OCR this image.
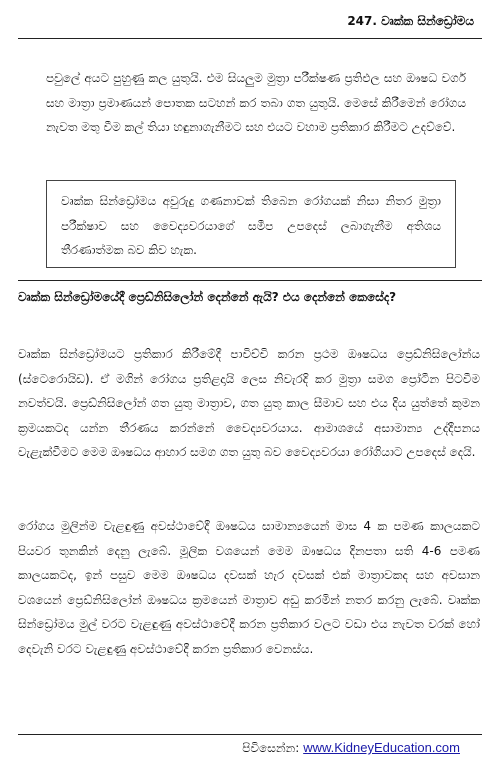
247. වෘක්ක සින්ඩ්‍රෝමය

පවුලේ අයට පුහුණු කල යුතුයි. එම සියලුම මුත්‍රා පරීක්ෂණ ප්‍රතිඵල සහ ඖෂධ වර්ග සහ මාත්‍රා ප්‍රමාණයන් පොතක සටහන් කර තබා ගත යුතුයි. මෙසේ කිරීමෙන් රෝගය නැවත මතු වීම කල් තියා හඳුනාගැනීමට සහ එයට වහාම ප්‍රතිකාර කිරීමට උදව්වේ.

වෘක්ක සින්ඩ්‍රෝමය අවුරුදු ගණනාවක් තිබෙන රෝගයක් නිසා නිතර මුත්‍රා පරීක්ෂාව සහ වෛද්‍යවරයාගේ සමීප උපදෙස් ලබාගැනීම අතිශය තීරණාත්මක බව කිව හැක.

වෘක්ක සින්ඩ්‍රෝමයේදී ප්‍රෙඩ්නිසිලෝන් දෙන්නේ ඇයි? එය දෙන්නේ කෙසේද?

වෘක්ක සින්ඩ්‍රෝමයට ප්‍රතිකාර කිරීමේදී පාවිච්චි කරන ප්‍රථම ඖෂධය ප්‍රෙඩ්නිසිලෝන්ය (ස්ටෙරොයිඩ). ඒ මගින් රෝගය ප්‍රතිළදායි ලෙස නිවැරදි කර මුත්‍රා සමග ප්‍රෝටීන පිටවීම නවත්වයි. ප්‍රෙඩ්නිසිලෝන් ගත යුතු මාත්‍රාව, ගත යුතු කාල සීමාව සහ එය දිය යුත්තේ කුමන ක්‍රමයකටද යන්න තීරණය කරන්නේ වෛද්‍යවරයාය. ආමාශයේ අසාමාන්‍ය උද්දීපනය වැළැක්වීමට මෙම ඖෂධය ආහාර සමග ගත යුතු බව වෛද්‍යවරයා රෝගියාට උපදෙස් දෙයි.

රෝගය මුලින්ම වැළඳුණු අවස්ථාවේදී ඖෂධය සාමාන්‍යයෙන් මාස 4 ක පමණ කාලයකට පියවර තුනකින් දෙනු ලැබේ. මූලික වශයෙන් මෙම ඖෂධය දිනපතා සති 4-6 පමණ කාලයකටද, ඉන් පසුව මෙම ඖෂධය දවසක් හැර දවසක් එක් මාත්‍රාවකද සහ අවසාන වශයෙන් ප්‍රෙඩ්නිසිලෝන් ඖෂධය ක්‍රමයෙන් මාත්‍රාව අඩු කරමින් නතර කරනු ලැබේ. වෘක්ක සින්ඩ්‍රෝමය මුල් වරට වැළඳුණු අවස්ථාවේදී කරන ප්‍රතිකාර වලට වඩා එය නැවත වරක් හෝ දෙවැනි වරට වැළඳුණු අවස්ථාවේදී කරන ප්‍රතිකාර වෙනස්ය.

පිවිසෙන්න: www.KidneyEducation.com
